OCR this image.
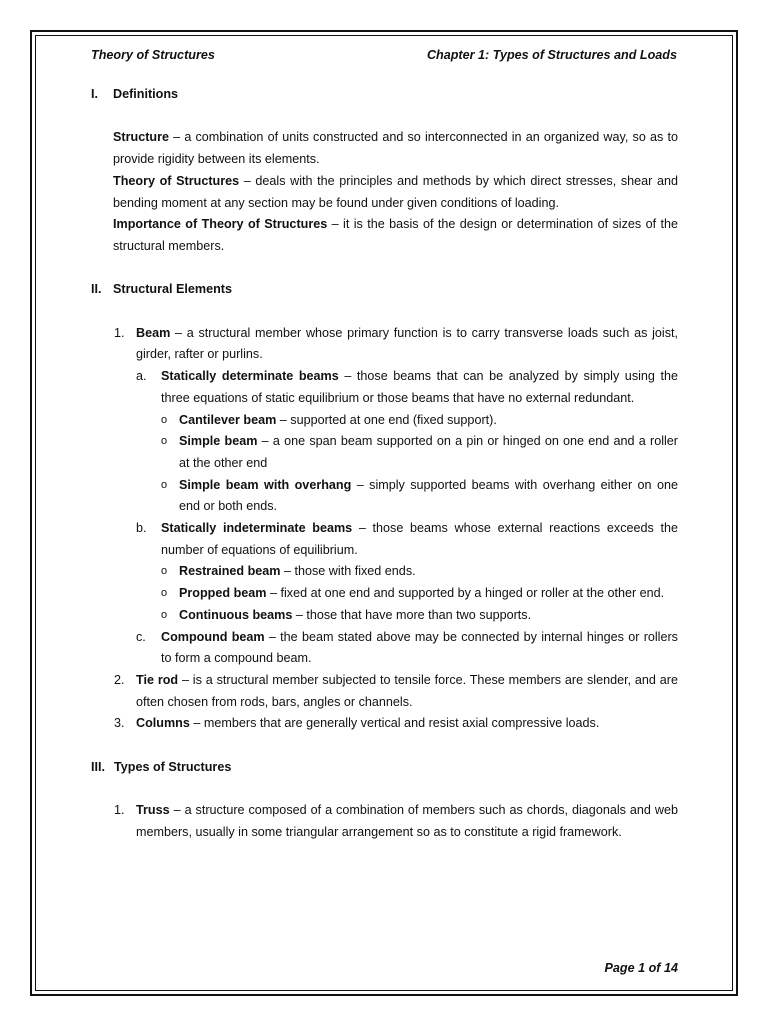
Theory of Structures	Chapter 1: Types of Structures and Loads
I.	Definitions

Structure – a combination of units constructed and so interconnected in an organized way, so as to provide rigidity between its elements.

Theory of Structures – deals with the principles and methods by which direct stresses, shear and bending moment at any section may be found under given conditions of loading.

Importance of Theory of Structures – it is the basis of the design or determination of sizes of the structural members.

II. Structural Elements
1. Beam – a structural member whose primary function is to carry transverse loads such as joist, girder, rafter or purlins.
a.	Statically determinate beams – those beams that can be analyzed by simply using the three equations of static equilibrium or those beams that have no external redundant.
o Cantilever beam – supported at one end (fixed support).
o Simple beam – a one span beam supported on a pin or hinged on one end and a roller at the other end
o Simple beam with overhang – simply supported beams with overhang either on one end or both ends.
b.	Statically indeterminate beams – those beams whose external reactions exceeds the number of equations of equilibrium.
o Restrained beam – those with fixed ends.
o Propped beam – fixed at one end and supported by a hinged or roller at the other end.
o Continuous beams – those that have more than two supports.
c.	Compound beam – the beam stated above may be connected by internal hinges or rollers to form a compound beam.
2. Tie rod – is a structural member subjected to tensile force. These members are slender, and are often chosen from rods, bars, angles or channels.
3. Columns – members that are generally vertical and resist axial compressive loads.
III. Types of Structures
1. Truss – a structure composed of a combination of members such as chords, diagonals and web members, usually in some triangular arrangement so as to constitute a rigid framework.
Page 1 of 14
